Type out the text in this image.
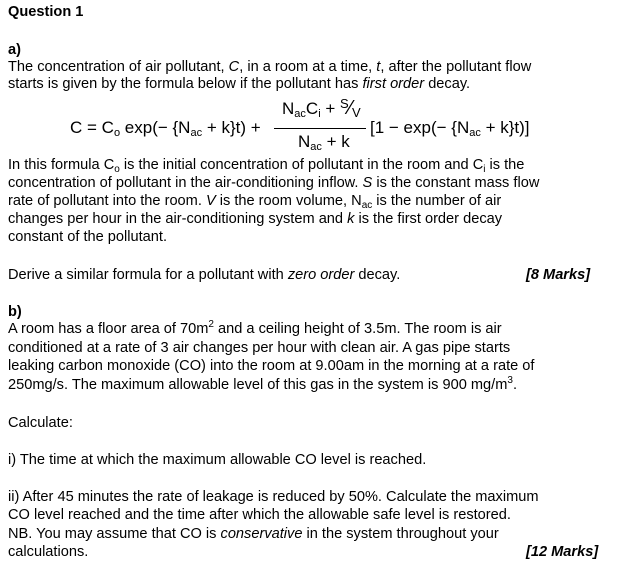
Question 1
a)
The concentration of air pollutant, C, in a room at a time, t, after the pollutant flow
starts is given by the formula below if the pollutant has first order decay.
$C = C_o$ $\exp(- \{N_{ac} + k\}t)$ +
$N_{ac}C_i$ + $^S⁄_V$
$N_{ac} + k$
$[1 - \exp(- \{N_{ac} + k\}t)]$
In this formula $C_o$ is the initial concentration of pollutant in the room and $C_i$ is the
concentration of pollutant in the air-conditioning inflow. S is the constant mass flow
rate of pollutant into the room. V is the room volume, $N_{ac}$ is the number of air
changes per hour in the air-conditioning system and k is the first order decay
constant of the pollutant.
Derive a similar formula for a pollutant with zero order decay.	[8 Marks]
b)
A room has a floor area of $70m^2$ and a ceiling height of 3.5m. The room is air
conditioned at a rate of 3 air changes per hour with clean air. A gas pipe starts
leaking carbon monoxide (CO) into the room at 9.00am in the morning at a rate of
250mg/s. The maximum allowable level of this gas in the system is 900 $mg/m^3$.
Calculate:
i) The time at which the maximum allowable CO level is reached.
ii) After 45 minutes the rate of leakage is reduced by 50%. Calculate the maximum
CO level reached and the time after which the allowable safe level is restored.
NB. You may assume that CO is conservative in the system throughout your
calculations.	[12 Marks]
